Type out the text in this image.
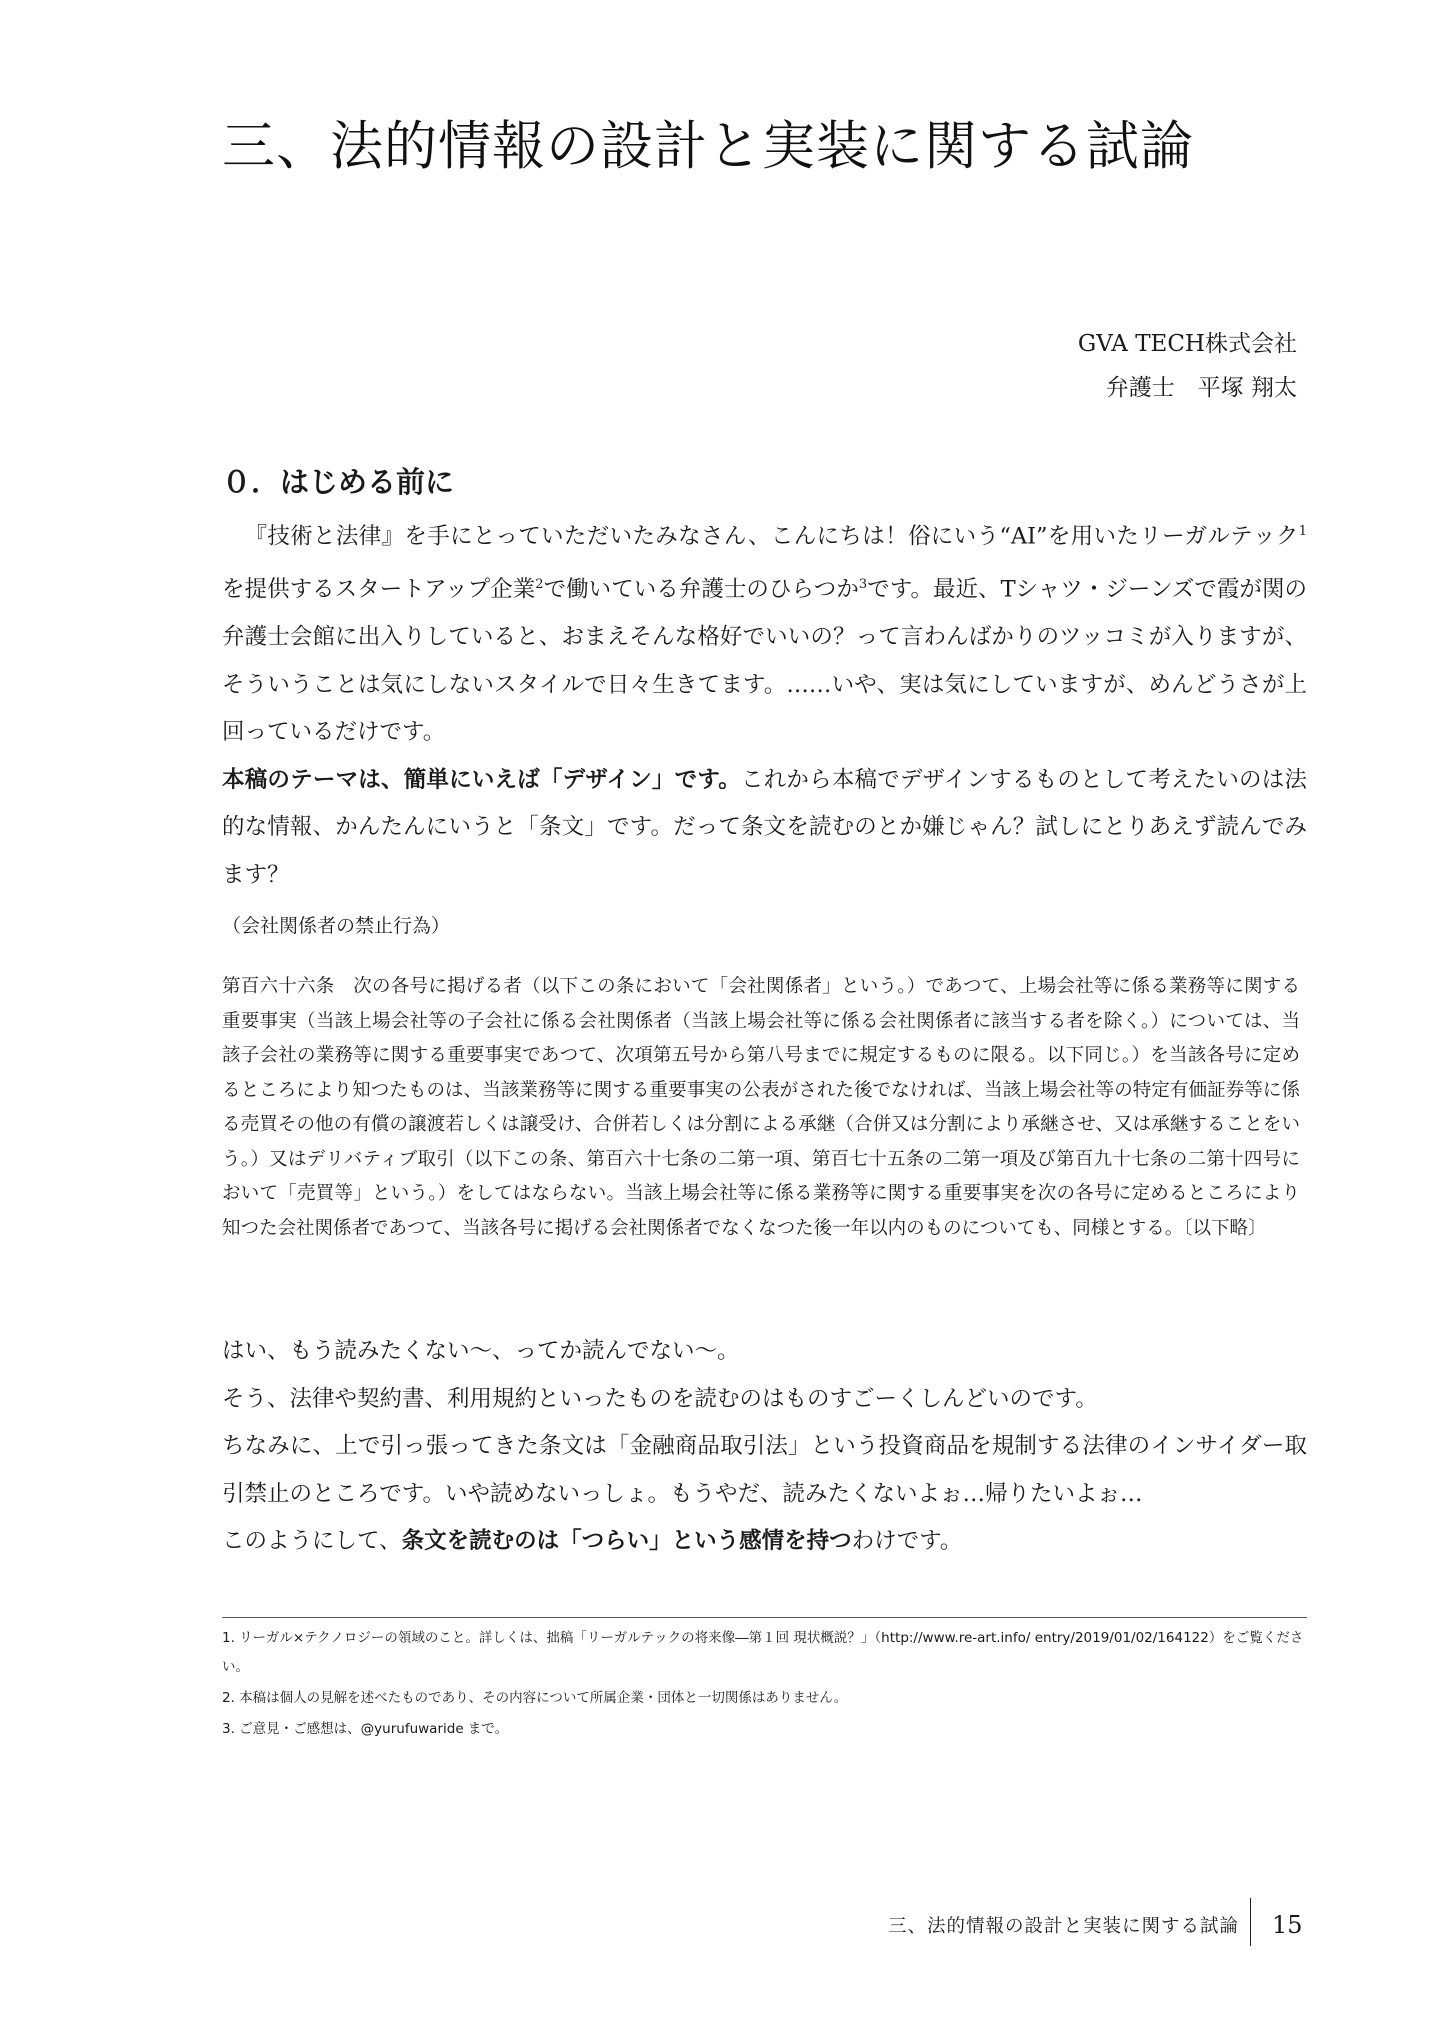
三、法的情報の設計と実装に関する試論
GVA TECH株式会社
弁護士　平塚 翔太
０．はじめる前に

『技術と法律』を手にとっていただいたみなさん、こんにちは！俗にいう“AI”を用いたリーガルテック$^1$を提供するスタートアップ企業$^2$で働いている弁護士のひらつか$^3$です。最近、Tシャツ・ジーンズで霞が関の弁護士会館に出入りしていると、おまえそんな格好でいいの？って言わんばかりのツッコミが入りますが、そういうことは気にしないスタイルで日々生きてます。……いや、実は気にしていますが、めんどうさが上回っているだけです。

本稿のテーマは、簡単にいえば「デザイン」です。これから本稿でデザインするものとして考えたいのは法的な情報、かんたんにいうと「条文」です。だって条文を読むのとか嫌じゃん？試しにとりあえず読んでみます？

（会社関係者の禁止行為）
第百六十六条　次の各号に掲げる者（以下この条において「会社関係者」という。）であつて、上場会社等に係る業務等に関する重要事実（当該上場会社等の子会社に係る会社関係者（当該上場会社等に係る会社関係者に該当する者を除く。）については、当該子会社の業務等に関する重要事実であつて、次項第五号から第八号までに規定するものに限る。以下同じ。）を当該各号に定めるところにより知つたものは、当該業務等に関する重要事実の公表がされた後でなければ、当該上場会社等の特定有価証券等に係る売買その他の有償の譲渡若しくは譲受け、合併若しくは分割による承継（合併又は分割により承継させ、又は承継することをいう。）又はデリバティブ取引（以下この条、第百六十七条の二第一項、第百七十五条の二第一項及び第百九十七条の二第十四号において「売買等」という。）をしてはならない。当該上場会社等に係る業務等に関する重要事実を次の各号に定めるところにより知つた会社関係者であつて、当該各号に掲げる会社関係者でなくなつた後一年以内のものについても、同様とする。〔以下略〕

はい、もう読みたくない〜、ってか読んでない〜。

そう、法律や契約書、利用規約といったものを読むのはものすごーくしんどいのです。

ちなみに、上で引っ張ってきた条文は「金融商品取引法」という投資商品を規制する法律のインサイダー取引禁止のところです。いや読めないっしょ。もうやだ、読みたくないよぉ…帰りたいよぉ…

このようにして、条文を読むのは「つらい」という感情を持つわけです。

1. リーガル×テクノロジーの領域のこと。詳しくは、拙稿「リーガルテックの将来像―第１回 現状概説？」（http://www.re-art.info/ entry/2019/01/02/164122）をご覧ください。

2. 本稿は個人の見解を述べたものであり、その内容について所属企業・団体と一切関係はありません。

3. ご意見・ご感想は、@yurufuwaride まで。

三、法的情報の設計と実装に関する試論 15
